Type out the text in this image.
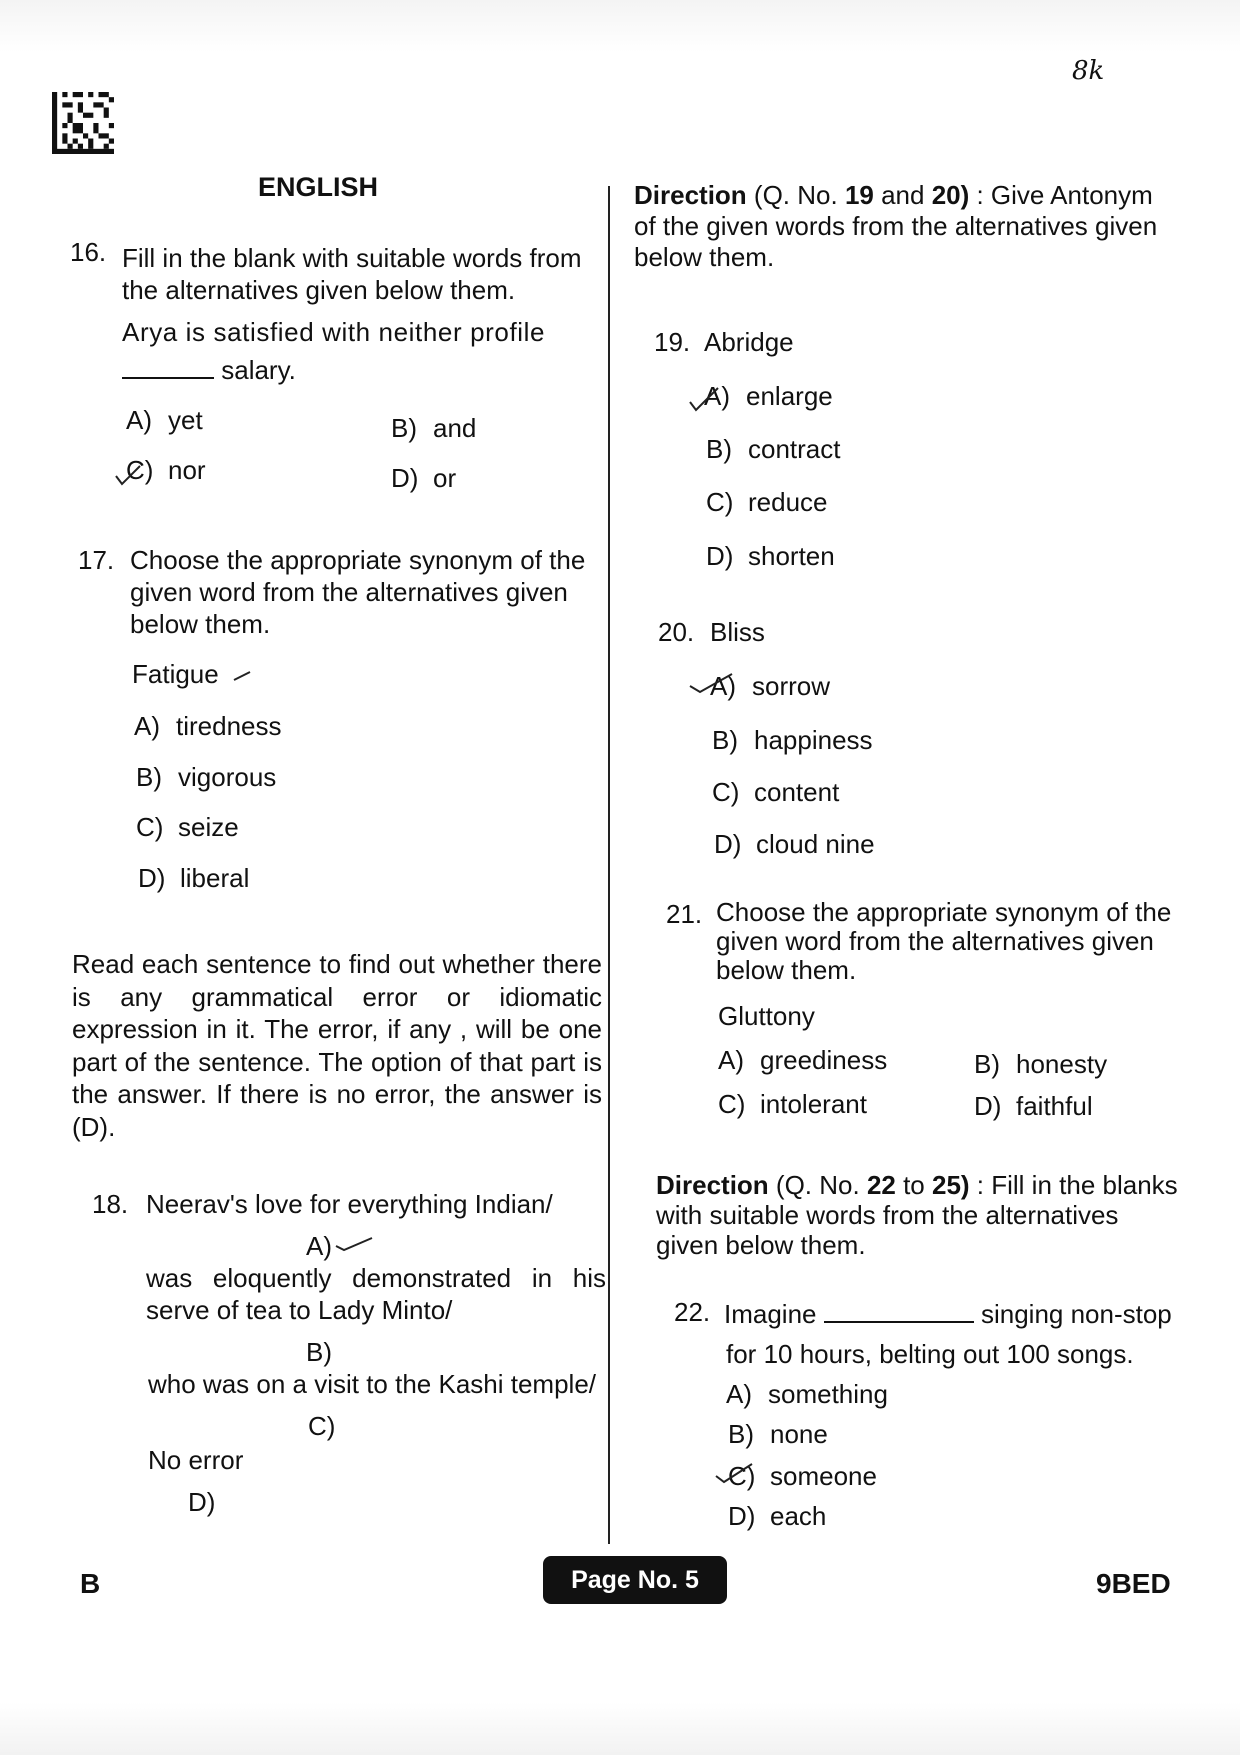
8k
ENGLISH
16. Fill in the blank with suitable words from the alternatives given below them.
Arya is satisfied with neither profile
salary.
A) yet	B) and
C) nor	D) or
17. Choose the appropriate synonym of the given word from the alternatives given below them.
Fatigue
A) tiredness
B) vigorous
C) seize
D) liberal
Read each sentence to find out whether there is any grammatical error or idiomatic expression in it. The error, if any , will be one part of the sentence. The option of that part is the answer. If there is no error, the answer is (D).
18. Neerav's love for everything Indian/
A)
was eloquently demonstrated in his serve of tea to Lady Minto/
B)
who was on a visit to the Kashi temple/
C)
No error
D)
Direction (Q. No. 19 and 20) : Give Antonym of the given words from the alternatives given below them.
19. Abridge
A) enlarge
B) contract
C) reduce
D) shorten
20. Bliss
A) sorrow
B) happiness
C) content
D) cloud nine
21. Choose the appropriate synonym of the given word from the alternatives given below them.
Gluttony
A) greediness	B) honesty
C) intolerant	D) faithful
Direction (Q. No. 22 to 25) : Fill in the blanks with suitable words from the alternatives given below them.
22. Imagine	singing non-stop
for 10 hours, belting out 100 songs.
A) something
B) none
C) someone
D) each
B	Page No. 5	9BED
